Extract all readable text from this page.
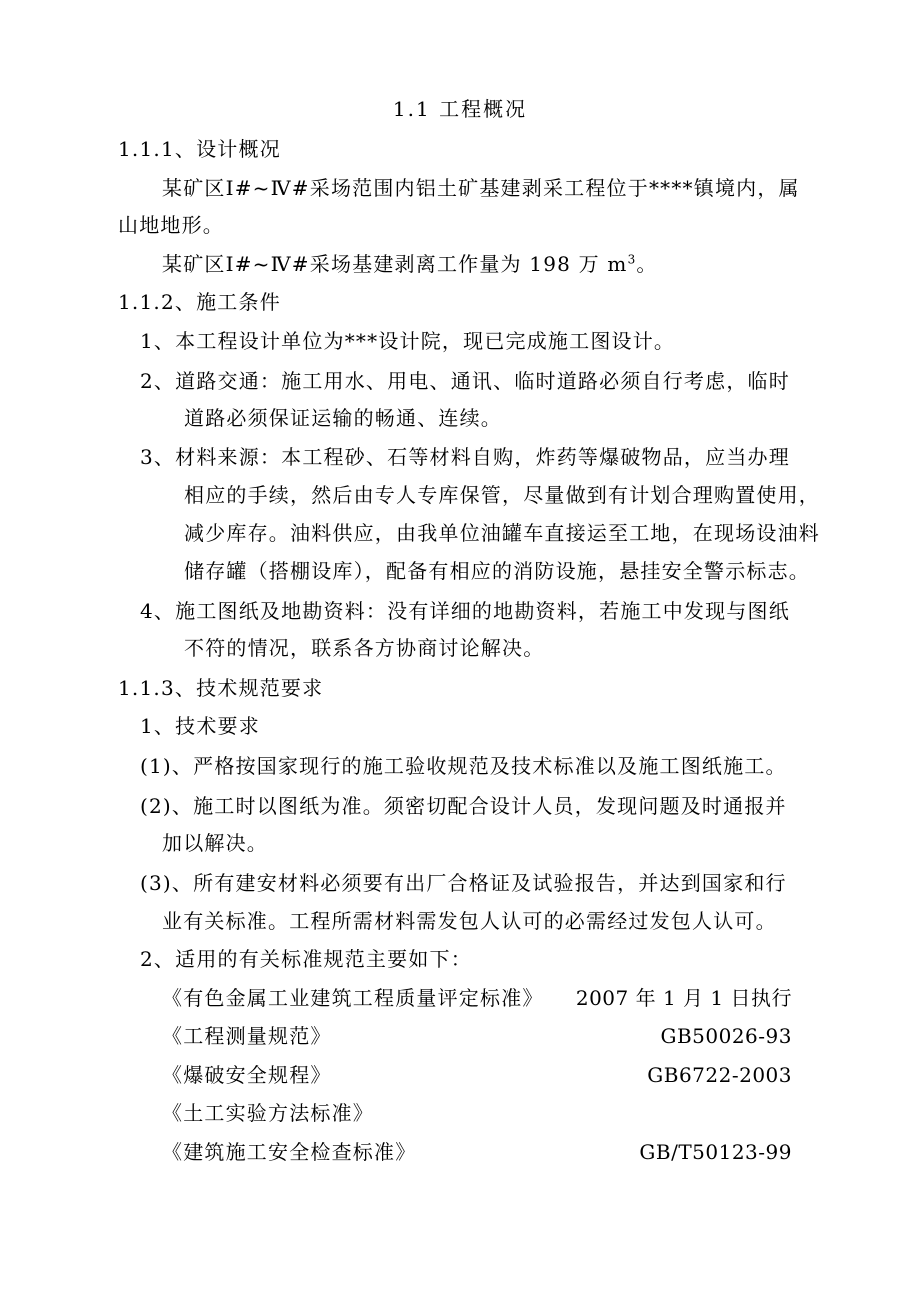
1.1 工程概况
1.1.1、设计概况
某矿区Ⅰ#~Ⅳ#采场范围内铝土矿基建剥采工程位于****镇境内，属
山地地形。
某矿区Ⅰ#~Ⅳ#采场基建剥离工作量为 198 万 $m^3$。
1.1.2、施工条件
1、本工程设计单位为***设计院，现已完成施工图设计。
2、道路交通：施工用水、用电、通讯、临时道路必须自行考虑，临时
道路必须保证运输的畅通、连续。
3、材料来源：本工程砂、石等材料自购，炸药等爆破物品，应当办理
相应的手续，然后由专人专库保管，尽量做到有计划合理购置使用，
减少库存。油料供应，由我单位油罐车直接运至工地，在现场设油料
储存罐（搭棚设库），配备有相应的消防设施，悬挂安全警示标志。
4、施工图纸及地勘资料：没有详细的地勘资料，若施工中发现与图纸
不符的情况，联系各方协商讨论解决。
1.1.3、技术规范要求
1、技术要求
(1)、严格按国家现行的施工验收规范及技术标准以及施工图纸施工。
(2)、施工时以图纸为准。须密切配合设计人员，发现问题及时通报并
加以解决。
(3)、所有建安材料必须要有出厂合格证及试验报告，并达到国家和行
业有关标准。工程所需材料需发包人认可的必需经过发包人认可。
2、适用的有关标准规范主要如下：
《有色金属工业建筑工程质量评定标准》 2007 年 1 月 1 日执行
《工程测量规范》	GB50026-93
《爆破安全规程》	GB6722-2003
《土工实验方法标准》
《建筑施工安全检查标准》	GB/T50123-99
